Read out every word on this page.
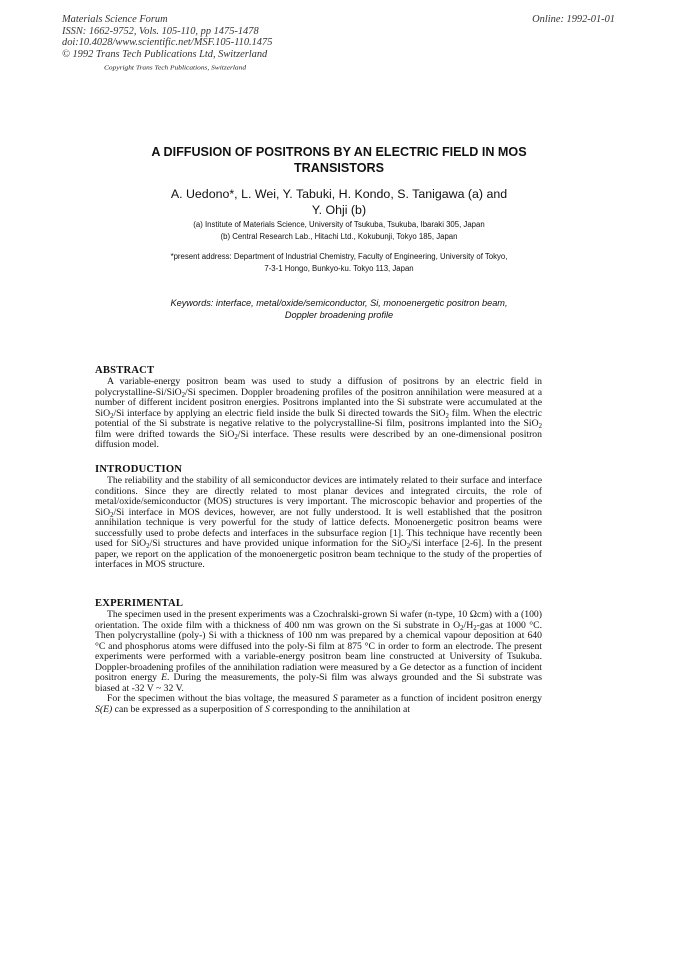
Materials Science Forum
ISSN: 1662-9752, Vols. 105-110, pp 1475-1478
doi:10.4028/www.scientific.net/MSF.105-110.1475
© 1992 Trans Tech Publications Ltd, Switzerland
Online: 1992-01-01
Copyright Trans Tech Publications, Switzerland
A DIFFUSION OF POSITRONS BY AN ELECTRIC FIELD IN MOS
TRANSISTORS
A. Uedono*, L. Wei, Y. Tabuki, H. Kondo, S. Tanigawa (a) and
Y. Ohji (b)
(a) Institute of Materials Science, University of Tsukuba, Tsukuba, Ibaraki 305, Japan
(b) Central Research Lab., Hitachi Ltd., Kokubunji, Tokyo 185, Japan
*present address: Department of Industrial Chemistry, Faculty of Engineering, University of Tokyo,
7-3-1 Hongo, Bunkyo-ku. Tokyo 113, Japan
Keywords: interface, metal/oxide/semiconductor, Si, monoenergetic positron beam,
Doppler broadening profile
ABSTRACT

A variable-energy positron beam was used to study a diffusion of positrons by an electric field in polycrystalline-Si/SiO$_2$/Si specimen. Doppler broadening profiles of the positron annihilation were measured at a number of different incident positron energies. Positrons implanted into the Si substrate were accumulated at the SiO$_2$/Si interface by applying an electric field inside the bulk Si directed towards the SiO$_2$ film. When the electric potential of the Si substrate is negative relative to the polycrystalline-Si film, positrons implanted into the SiO$_2$ film were drifted towards the SiO$_2$/Si interface. These results were described by an one-dimensional positron diffusion model.

INTRODUCTION

The reliability and the stability of all semiconductor devices are intimately related to their surface and interface conditions. Since they are directly related to most planar devices and integrated circuits, the role of metal/oxide/semiconductor (MOS) structures is very important. The microscopic behavior and properties of the SiO$_2$/Si interface in MOS devices, however, are not fully understood. It is well established that the positron annihilation technique is very powerful for the study of lattice defects. Monoenergetic positron beams were successfully used to probe defects and interfaces in the subsurface region [1]. This technique have recently been used for SiO$_2$/Si structures and have provided unique information for the SiO$_2$/Si interface [2-6]. In the present paper, we report on the application of the monoenergetic positron beam technique to the study of the properties of interfaces in MOS structure.

EXPERIMENTAL

The specimen used in the present experiments was a Czochralski-grown Si wafer (n-type, 10 Ωcm) with a (100) orientation. The oxide film with a thickness of 400 nm was grown on the Si substrate in $O_2/H_2$-gas at 1000 °C. Then polycrystalline (poly-) Si with a thickness of 100 nm was prepared by a chemical vapour deposition at 640 °C and phosphorus atoms were diffused into the poly-Si film at 875 °C in order to form an electrode. The present experiments were performed with a variable-energy positron beam line constructed at University of Tsukuba. Doppler-broadening profiles of the annihilation radiation were measured by a Ge detector as a function of incident positron energy E. During the measurements, the poly-Si film was always grounded and the Si substrate was biased at -32 V ~ 32 V.

For the specimen without the bias voltage, the measured S parameter as a function of incident positron energy S(E) can be expressed as a superposition of S corresponding to the annihilation at
